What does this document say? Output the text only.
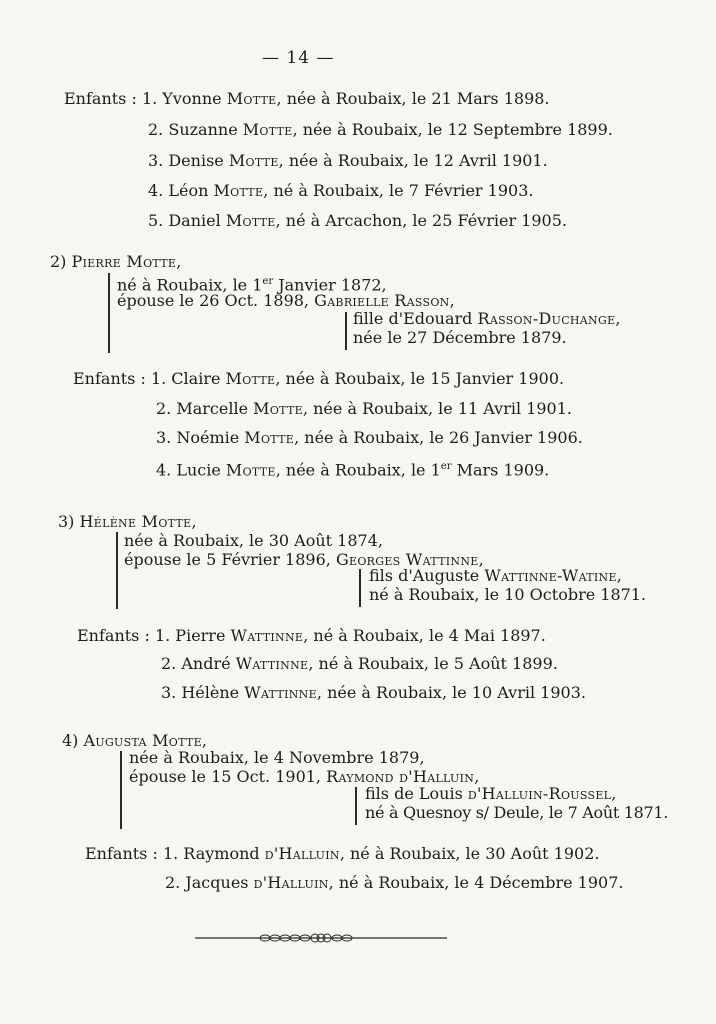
— 14 —
Enfants : 1. Yvonne Motte, née à Roubaix, le 21 Mars 1898.
2. Suzanne Motte, née à Roubaix, le 12 Septembre 1899.
3. Denise Motte, née à Roubaix, le 12 Avril 1901.
4. Léon Motte, né à Roubaix, le 7 Février 1903.
5. Daniel Motte, né à Arcachon, le 25 Février 1905.
2) Pierre Motte,
né à Roubaix, le 1er Janvier 1872,
épouse le 26 Oct. 1898, Gabrielle Rasson,
fille d'Edouard Rasson-Duchange,
née le 27 Décembre 1879.
Enfants : 1. Claire Motte, née à Roubaix, le 15 Janvier 1900.
2. Marcelle Motte, née à Roubaix, le 11 Avril 1901.
3. Noémie Motte, née à Roubaix, le 26 Janvier 1906.
4. Lucie Motte, née à Roubaix, le 1er Mars 1909.
3) Hélène Motte,
née à Roubaix, le 30 Août 1874,
épouse le 5 Février 1896, Georges Wattinne,
fils d'Auguste Wattinne-Watine,
né à Roubaix, le 10 Octobre 1871.
Enfants : 1. Pierre Wattinne, né à Roubaix, le 4 Mai 1897.
2. André Wattinne, né à Roubaix, le 5 Août 1899.
3. Hélène Wattinne, née à Roubaix, le 10 Avril 1903.
4) Augusta Motte,
née à Roubaix, le 4 Novembre 1879,
épouse le 15 Oct. 1901, Raymond d'Halluin,
fils de Louis d'Halluin-Roussel,
né à Quesnoy s/ Deule, le 7 Août 1871.
Enfants : 1. Raymond d'Halluin, né à Roubaix, le 30 Août 1902.
2. Jacques d'Halluin, né à Roubaix, le 4 Décembre 1907.
